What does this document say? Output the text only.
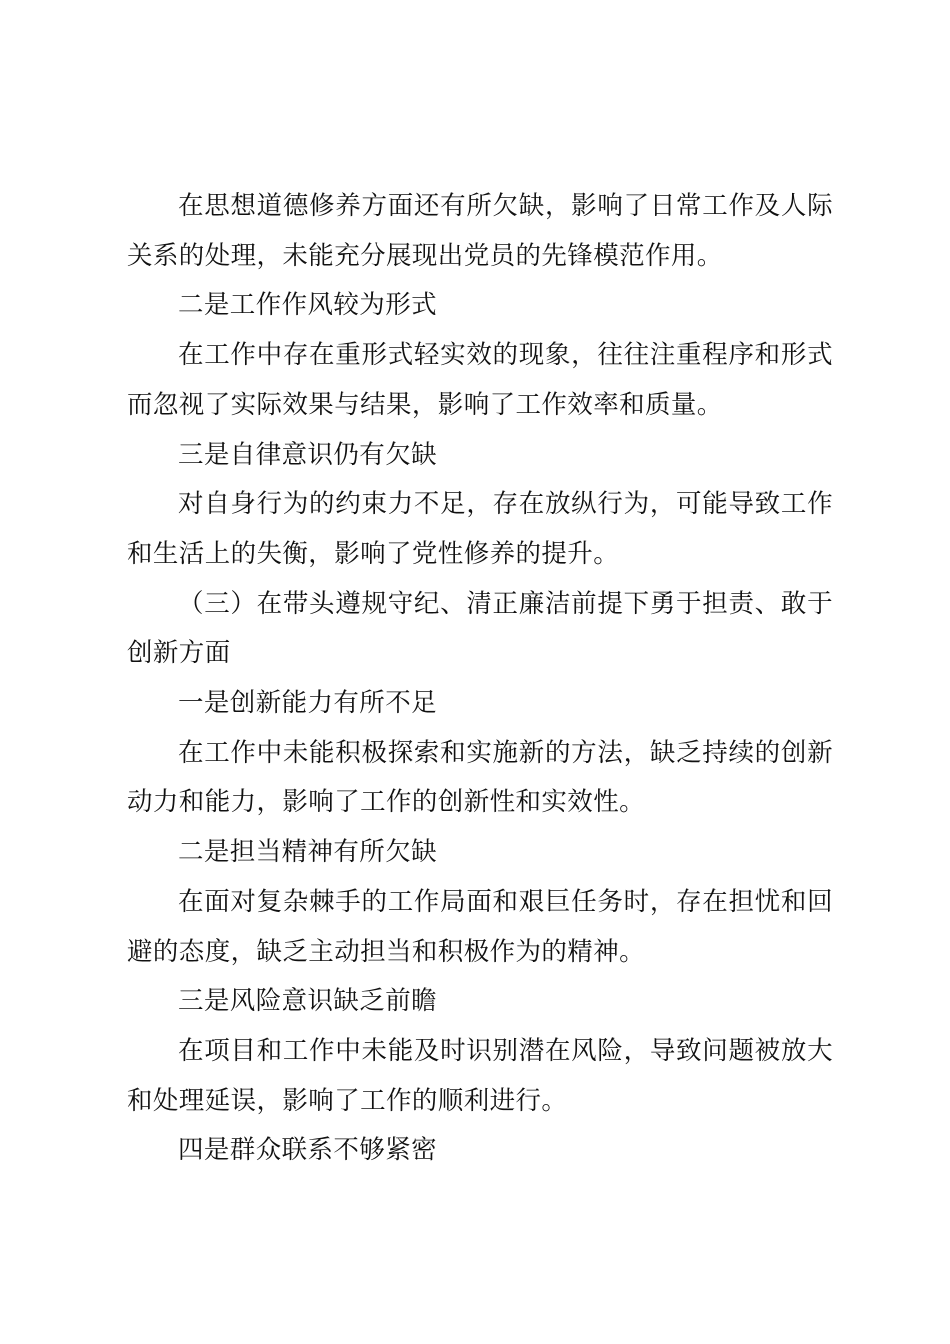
在思想道德修养方面还有所欠缺，影响了日常工作及人际关系的处理，未能充分展现出党员的先锋模范作用。

二是工作作风较为形式

在工作中存在重形式轻实效的现象，往往注重程序和形式而忽视了实际效果与结果，影响了工作效率和质量。

三是自律意识仍有欠缺

对自身行为的约束力不足，存在放纵行为，可能导致工作和生活上的失衡，影响了党性修养的提升。

（三）在带头遵规守纪、清正廉洁前提下勇于担责、敢于创新方面

一是创新能力有所不足

在工作中未能积极探索和实施新的方法，缺乏持续的创新动力和能力，影响了工作的创新性和实效性。

二是担当精神有所欠缺

在面对复杂棘手的工作局面和艰巨任务时，存在担忧和回避的态度，缺乏主动担当和积极作为的精神。

三是风险意识缺乏前瞻

在项目和工作中未能及时识别潜在风险，导致问题被放大和处理延误，影响了工作的顺利进行。

四是群众联系不够紧密
